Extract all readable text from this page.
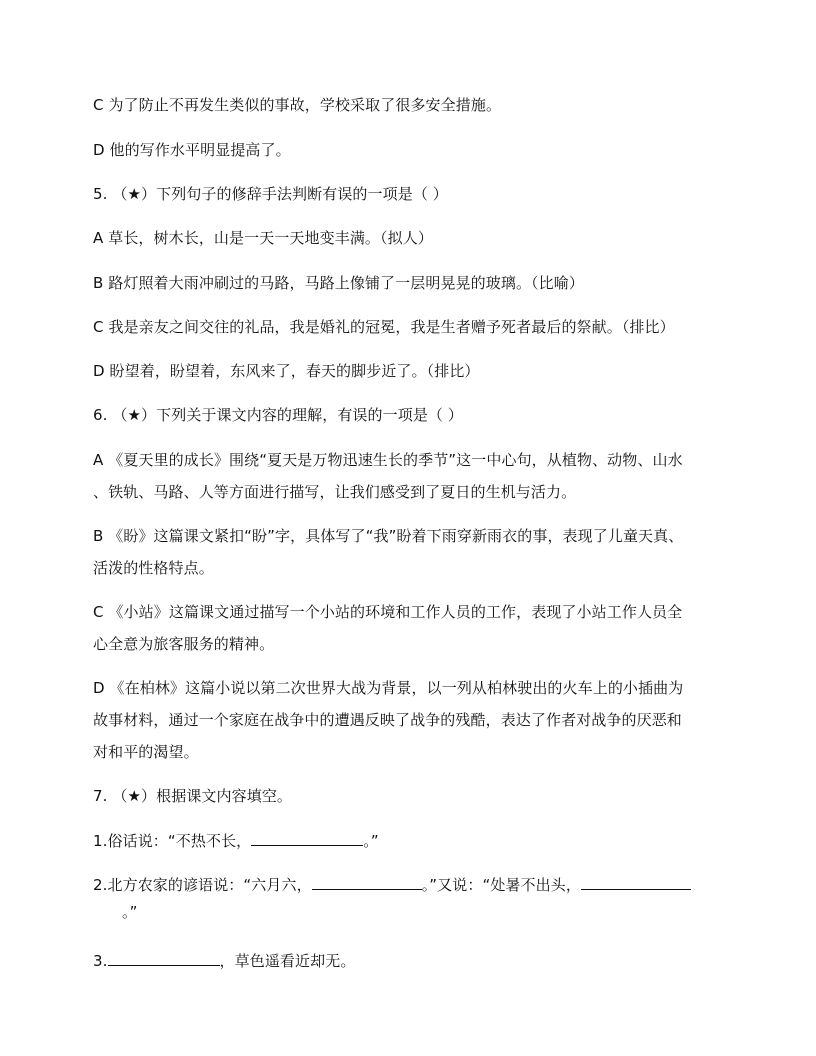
C 为了防止不再发生类似的事故，学校采取了很多安全措施。
D 他的写作水平明显提高了。
5. （★）下列句子的修辞手法判断有误的一项是（ ）
A 草长，树木长，山是一天一天地变丰满。（拟人）
B 路灯照着大雨冲刷过的马路，马路上像铺了一层明晃晃的玻璃。（比喻）
C 我是亲友之间交往的礼品，我是婚礼的冠冕，我是生者赠予死者最后的祭献。（排比）
D 盼望着，盼望着，东风来了，春天的脚步近了。（排比）
6. （★）下列关于课文内容的理解，有误的一项是（ ）
A 《夏天里的成长》围绕“夏天是万物迅速生长的季节”这一中心句，从植物、动物、山水
、铁轨、马路、人等方面进行描写，让我们感受到了夏日的生机与活力。
B 《盼》这篇课文紧扣“盼”字，具体写了“我”盼着下雨穿新雨衣的事，表现了儿童天真、
活泼的性格特点。
C 《小站》这篇课文通过描写一个小站的环境和工作人员的工作，表现了小站工作人员全
心全意为旅客服务的精神。
D 《在柏林》这篇小说以第二次世界大战为背景，以一列从柏林驶出的火车上的小插曲为
故事材料，通过一个家庭在战争中的遭遇反映了战争的残酷，表达了作者对战争的厌恶和
对和平的渴望。
7. （★）根据课文内容填空。
1.俗话说：“不热不长，	。”
2.北方农家的谚语说：“六月六，	。”又说：“处暑不出头，
。”
3.	，草色遥看近却无。
